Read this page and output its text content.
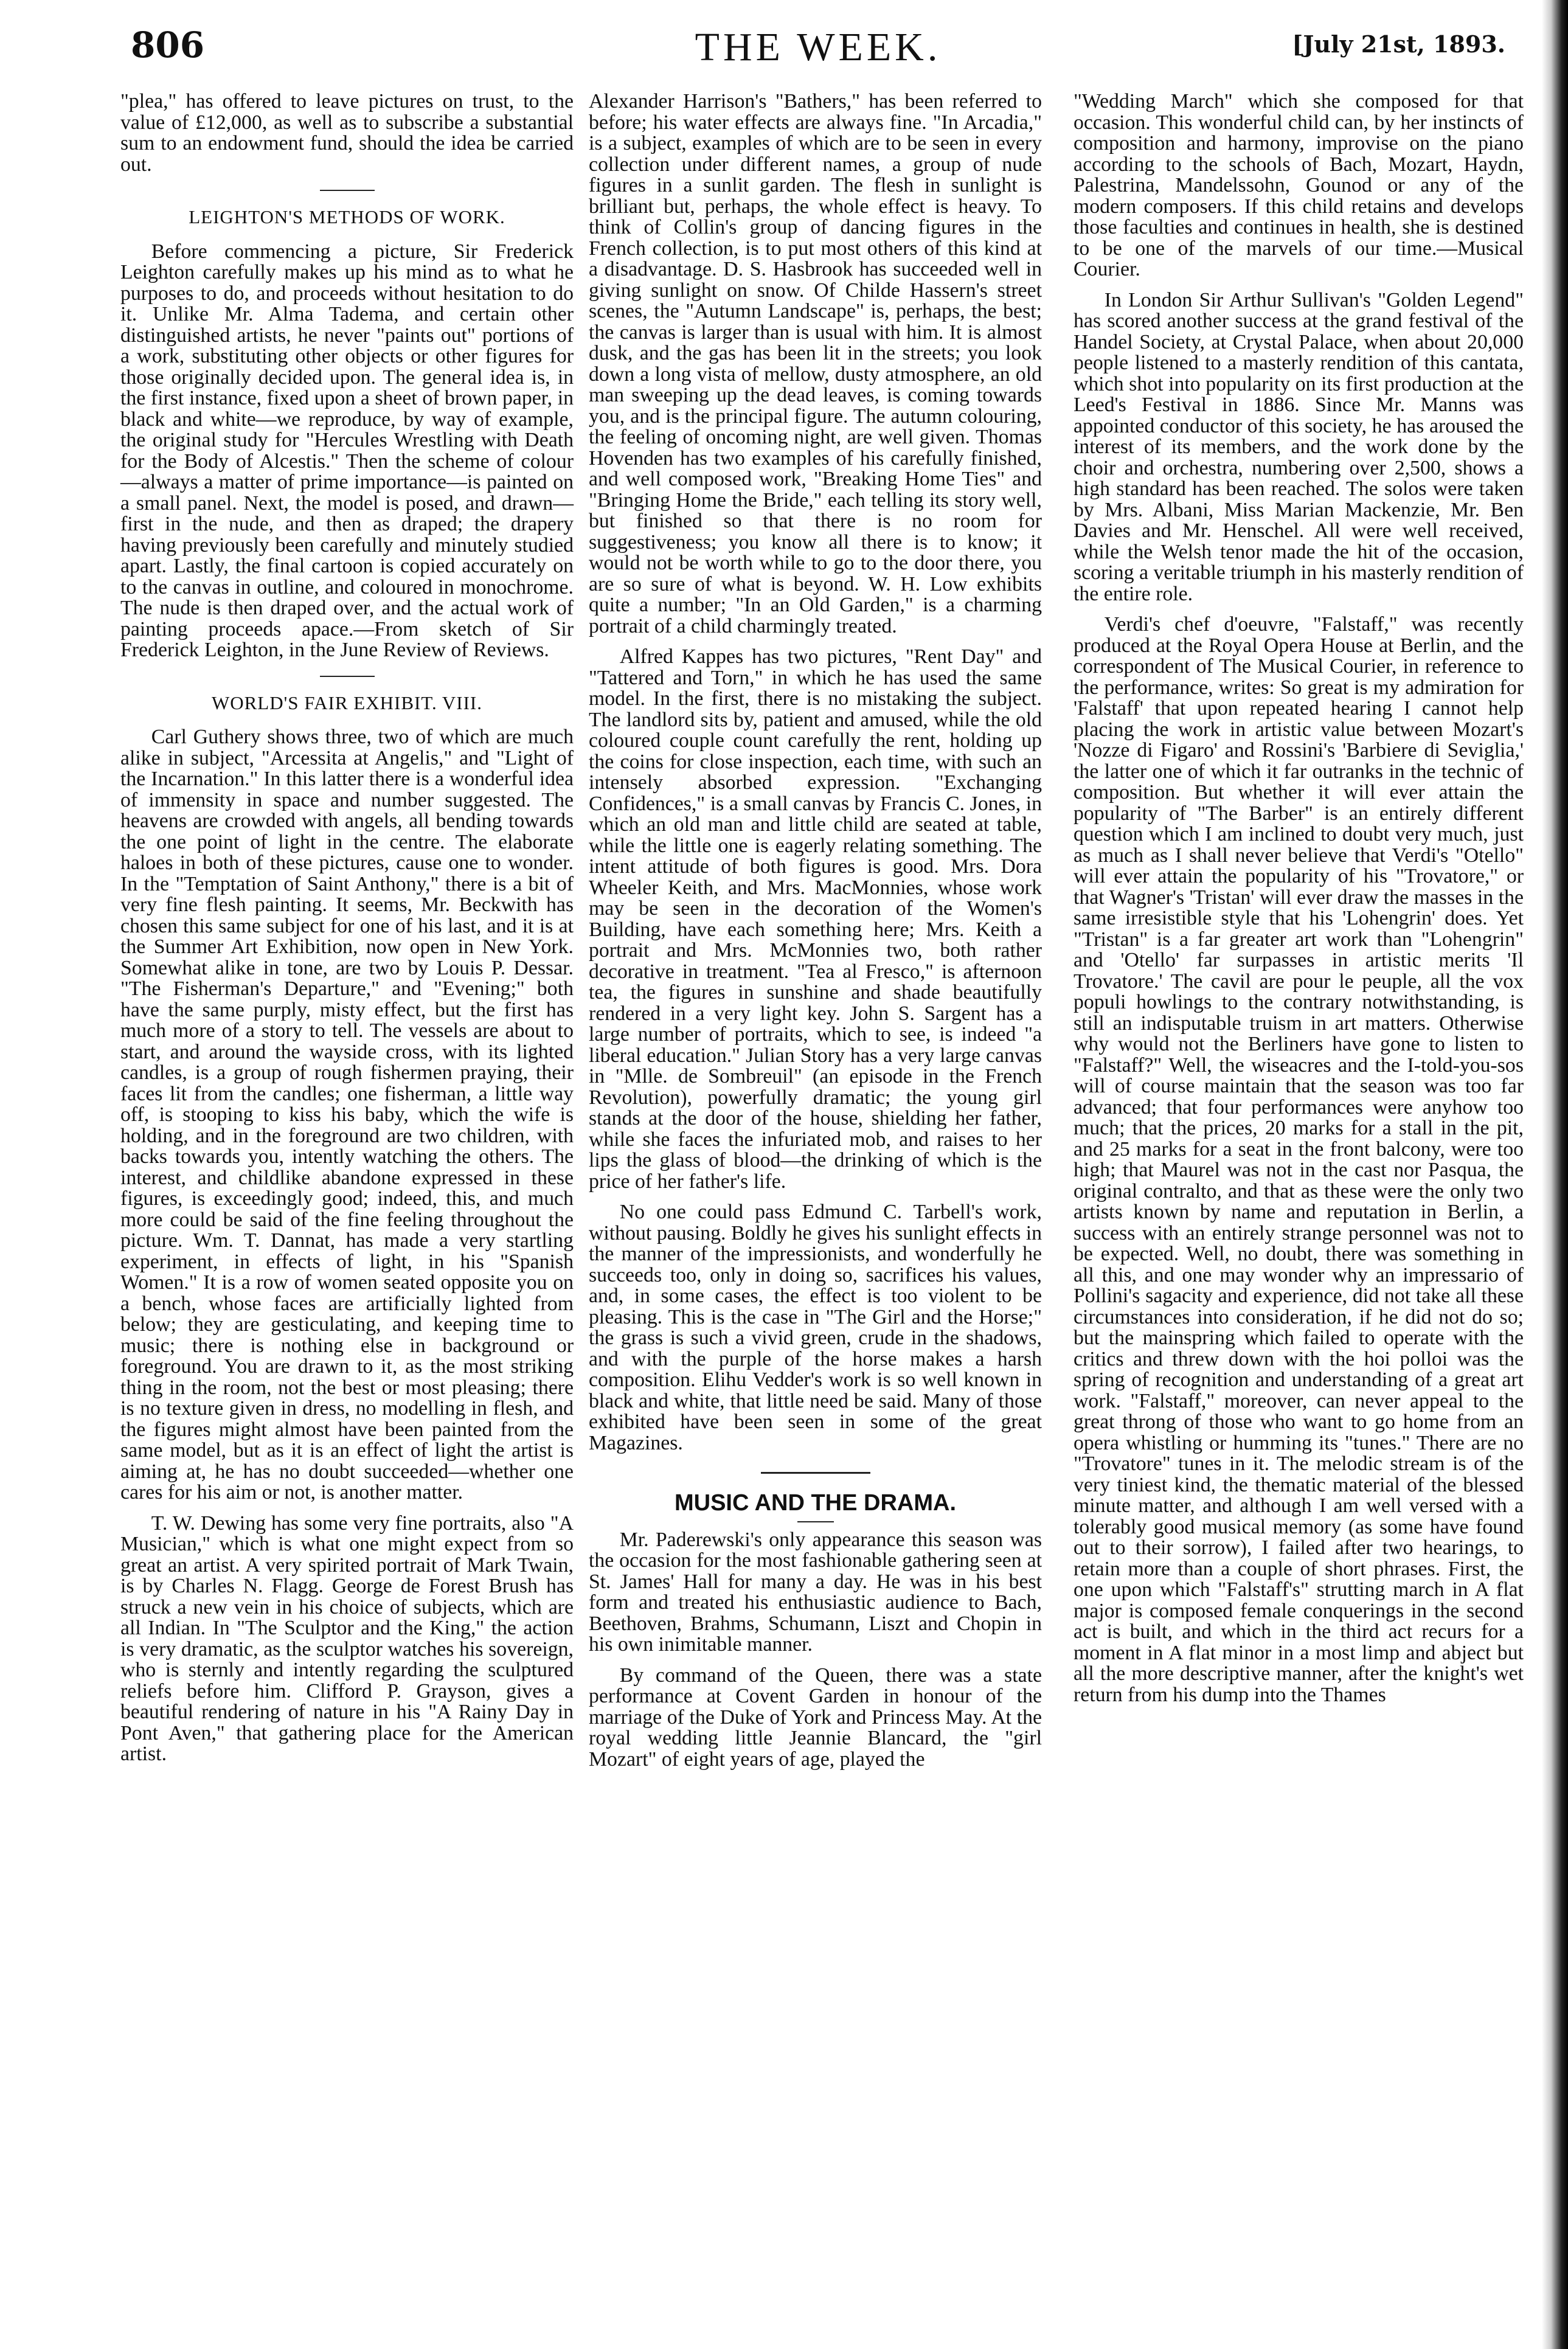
806	THE WEEK.	[July 21st, 1893.

"plea," has offered to leave pictures on trust, to the value of £12,000, as well as to subscribe a substantial sum to an endowment fund, should the idea be carried out.

LEIGHTON'S METHODS OF WORK.

Before commencing a picture, Sir Frederick Leighton carefully makes up his mind as to what he purposes to do, and proceeds without hesitation to do it. Unlike Mr. Alma Tadema, and certain other distinguished artists, he never "paints out" portions of a work, substituting other objects or other figures for those originally decided upon. The general idea is, in the first instance, fixed upon a sheet of brown paper, in black and white—we reproduce, by way of example, the original study for "Hercules Wrestling with Death for the Body of Alcestis." Then the scheme of colour—always a matter of prime importance—is painted on a small panel. Next, the model is posed, and drawn—first in the nude, and then as draped; the drapery having previously been carefully and minutely studied apart. Lastly, the final cartoon is copied accurately on to the canvas in outline, and coloured in monochrome. The nude is then draped over, and the actual work of painting proceeds apace.—From sketch of Sir Frederick Leighton, in the June Review of Reviews.

WORLD'S FAIR EXHIBIT. VIII.

Carl Guthery shows three, two of which are much alike in subject, "Arcessita at Angelis," and "Light of the Incarnation." In this latter there is a wonderful idea of immensity in space and number suggested. The heavens are crowded with angels, all bending towards the one point of light in the centre. The elaborate haloes in both of these pictures, cause one to wonder. In the "Temptation of Saint Anthony," there is a bit of very fine flesh painting. It seems, Mr. Beckwith has chosen this same subject for one of his last, and it is at the Summer Art Exhibition, now open in New York. Somewhat alike in tone, are two by Louis P. Dessar. "The Fisherman's Departure," and "Evening;" both have the same purply, misty effect, but the first has much more of a story to tell. The vessels are about to start, and around the wayside cross, with its lighted candles, is a group of rough fishermen praying, their faces lit from the candles; one fisherman, a little way off, is stooping to kiss his baby, which the wife is holding, and in the foreground are two children, with backs towards you, intently watching the others. The interest, and childlike abandone expressed in these figures, is exceedingly good; indeed, this, and much more could be said of the fine feeling throughout the picture. Wm. T. Dannat, has made a very startling experiment, in effects of light, in his "Spanish Women." It is a row of women seated opposite you on a bench, whose faces are artificially lighted from below; they are gesticulating, and keeping time to music; there is nothing else in background or foreground. You are drawn to it, as the most striking thing in the room, not the best or most pleasing; there is no texture given in dress, no modelling in flesh, and the figures might almost have been painted from the same model, but as it is an effect of light the artist is aiming at, he has no doubt succeeded—whether one cares for his aim or not, is another matter.

T. W. Dewing has some very fine portraits, also "A Musician," which is what one might expect from so great an artist. A very spirited portrait of Mark Twain, is by Charles N. Flagg. George de Forest Brush has struck a new vein in his choice of subjects, which are all Indian. In "The Sculptor and the King," the action is very dramatic, as the sculptor watches his sovereign, who is sternly and intently regarding the sculptured reliefs before him. Clifford P. Grayson, gives a beautiful rendering of nature in his "A Rainy Day in Pont Aven," that gathering place for the American artist.

Alexander Harrison's "Bathers," has been referred to before; his water effects are always fine. "In Arcadia," is a subject, examples of which are to be seen in every collection under different names, a group of nude figures in a sunlit garden. The flesh in sunlight is brilliant but, perhaps, the whole effect is heavy. To think of Collin's group of dancing figures in the French collection, is to put most others of this kind at a disadvantage. D. S. Hasbrook has succeeded well in giving sunlight on snow. Of Childe Hassern's street scenes, the "Autumn Landscape" is, perhaps, the best; the canvas is larger than is usual with him. It is almost dusk, and the gas has been lit in the streets; you look down a long vista of mellow, dusty atmosphere, an old man sweeping up the dead leaves, is coming towards you, and is the principal figure. The autumn colouring, the feeling of oncoming night, are well given. Thomas Hovenden has two examples of his carefully finished, and well composed work, "Breaking Home Ties" and "Bringing Home the Bride," each telling its story well, but finished so that there is no room for suggestiveness; you know all there is to know; it would not be worth while to go to the door there, you are so sure of what is beyond. W. H. Low exhibits quite a number; "In an Old Garden," is a charming portrait of a child charmingly treated.

Alfred Kappes has two pictures, "Rent Day" and "Tattered and Torn," in which he has used the same model. In the first, there is no mistaking the subject. The landlord sits by, patient and amused, while the old coloured couple count carefully the rent, holding up the coins for close inspection, each time, with such an intensely absorbed expression. "Exchanging Confidences," is a small canvas by Francis C. Jones, in which an old man and little child are seated at table, while the little one is eagerly relating something. The intent attitude of both figures is good. Mrs. Dora Wheeler Keith, and Mrs. MacMonnies, whose work may be seen in the decoration of the Women's Building, have each something here; Mrs. Keith a portrait and Mrs. McMonnies two, both rather decorative in treatment. "Tea al Fresco," is afternoon tea, the figures in sunshine and shade beautifully rendered in a very light key. John S. Sargent has a large number of portraits, which to see, is indeed "a liberal education." Julian Story has a very large canvas in "Mlle. de Sombreuil" (an episode in the French Revolution), powerfully dramatic; the young girl stands at the door of the house, shielding her father, while she faces the infuriated mob, and raises to her lips the glass of blood—the drinking of which is the price of her father's life.

No one could pass Edmund C. Tarbell's work, without pausing. Boldly he gives his sunlight effects in the manner of the impressionists, and wonderfully he succeeds too, only in doing so, sacrifices his values, and, in some cases, the effect is too violent to be pleasing. This is the case in "The Girl and the Horse;" the grass is such a vivid green, crude in the shadows, and with the purple of the horse makes a harsh composition. Elihu Vedder's work is so well known in black and white, that little need be said. Many of those exhibited have been seen in some of the great Magazines.

MUSIC AND THE DRAMA.

Mr. Paderewski's only appearance this season was the occasion for the most fashionable gathering seen at St. James' Hall for many a day. He was in his best form and treated his enthusiastic audience to Bach, Beethoven, Brahms, Schumann, Liszt and Chopin in his own inimitable manner.

By command of the Queen, there was a state performance at Covent Garden in honour of the marriage of the Duke of York and Princess May. At the royal wedding little Jeannie Blancard, the "girl Mozart" of eight years of age, played the

"Wedding March" which she composed for that occasion. This wonderful child can, by her instincts of composition and harmony, improvise on the piano according to the schools of Bach, Mozart, Haydn, Palestrina, Mandelssohn, Gounod or any of the modern composers. If this child retains and develops those faculties and continues in health, she is destined to be one of the marvels of our time.—Musical Courier.

In London Sir Arthur Sullivan's "Golden Legend" has scored another success at the grand festival of the Handel Society, at Crystal Palace, when about 20,000 people listened to a masterly rendition of this cantata, which shot into popularity on its first production at the Leed's Festival in 1886. Since Mr. Manns was appointed conductor of this society, he has aroused the interest of its members, and the work done by the choir and orchestra, numbering over 2,500, shows a high standard has been reached. The solos were taken by Mrs. Albani, Miss Marian Mackenzie, Mr. Ben Davies and Mr. Henschel. All were well received, while the Welsh tenor made the hit of the occasion, scoring a veritable triumph in his masterly rendition of the entire role.

Verdi's chef d'oeuvre, "Falstaff," was recently produced at the Royal Opera House at Berlin, and the correspondent of The Musical Courier, in reference to the performance, writes: So great is my admiration for 'Falstaff' that upon repeated hearing I cannot help placing the work in artistic value between Mozart's 'Nozze di Figaro' and Rossini's 'Barbiere di Seviglia,' the latter one of which it far outranks in the technic of composition. But whether it will ever attain the popularity of "The Barber" is an entirely different question which I am inclined to doubt very much, just as much as I shall never believe that Verdi's "Otello" will ever attain the popularity of his "Trovatore," or that Wagner's 'Tristan' will ever draw the masses in the same irresistible style that his 'Lohengrin' does. Yet "Tristan" is a far greater art work than "Lohengrin" and 'Otello' far surpasses in artistic merits 'Il Trovatore.' The cavil are pour le peuple, all the vox populi howlings to the contrary notwithstanding, is still an indisputable truism in art matters. Otherwise why would not the Berliners have gone to listen to "Falstaff?" Well, the wiseacres and the I-told-you-sos will of course maintain that the season was too far advanced; that four performances were anyhow too much; that the prices, 20 marks for a stall in the pit, and 25 marks for a seat in the front balcony, were too high; that Maurel was not in the cast nor Pasqua, the original contralto, and that as these were the only two artists known by name and reputation in Berlin, a success with an entirely strange personnel was not to be expected. Well, no doubt, there was something in all this, and one may wonder why an impressario of Pollini's sagacity and experience, did not take all these circumstances into consideration, if he did not do so; but the mainspring which failed to operate with the critics and threw down with the hoi polloi was the spring of recognition and understanding of a great art work. "Falstaff," moreover, can never appeal to the great throng of those who want to go home from an opera whistling or humming its "tunes." There are no "Trovatore" tunes in it. The melodic stream is of the very tiniest kind, the thematic material of the blessed minute matter, and although I am well versed with a tolerably good musical memory (as some have found out to their sorrow), I failed after two hearings, to retain more than a couple of short phrases. First, the one upon which "Falstaff's" strutting march in A flat major is composed female conquerings in the second act is built, and which in the third act recurs for a moment in A flat minor in a most limp and abject but all the more descriptive manner, after the knight's wet return from his dump into the Thames
